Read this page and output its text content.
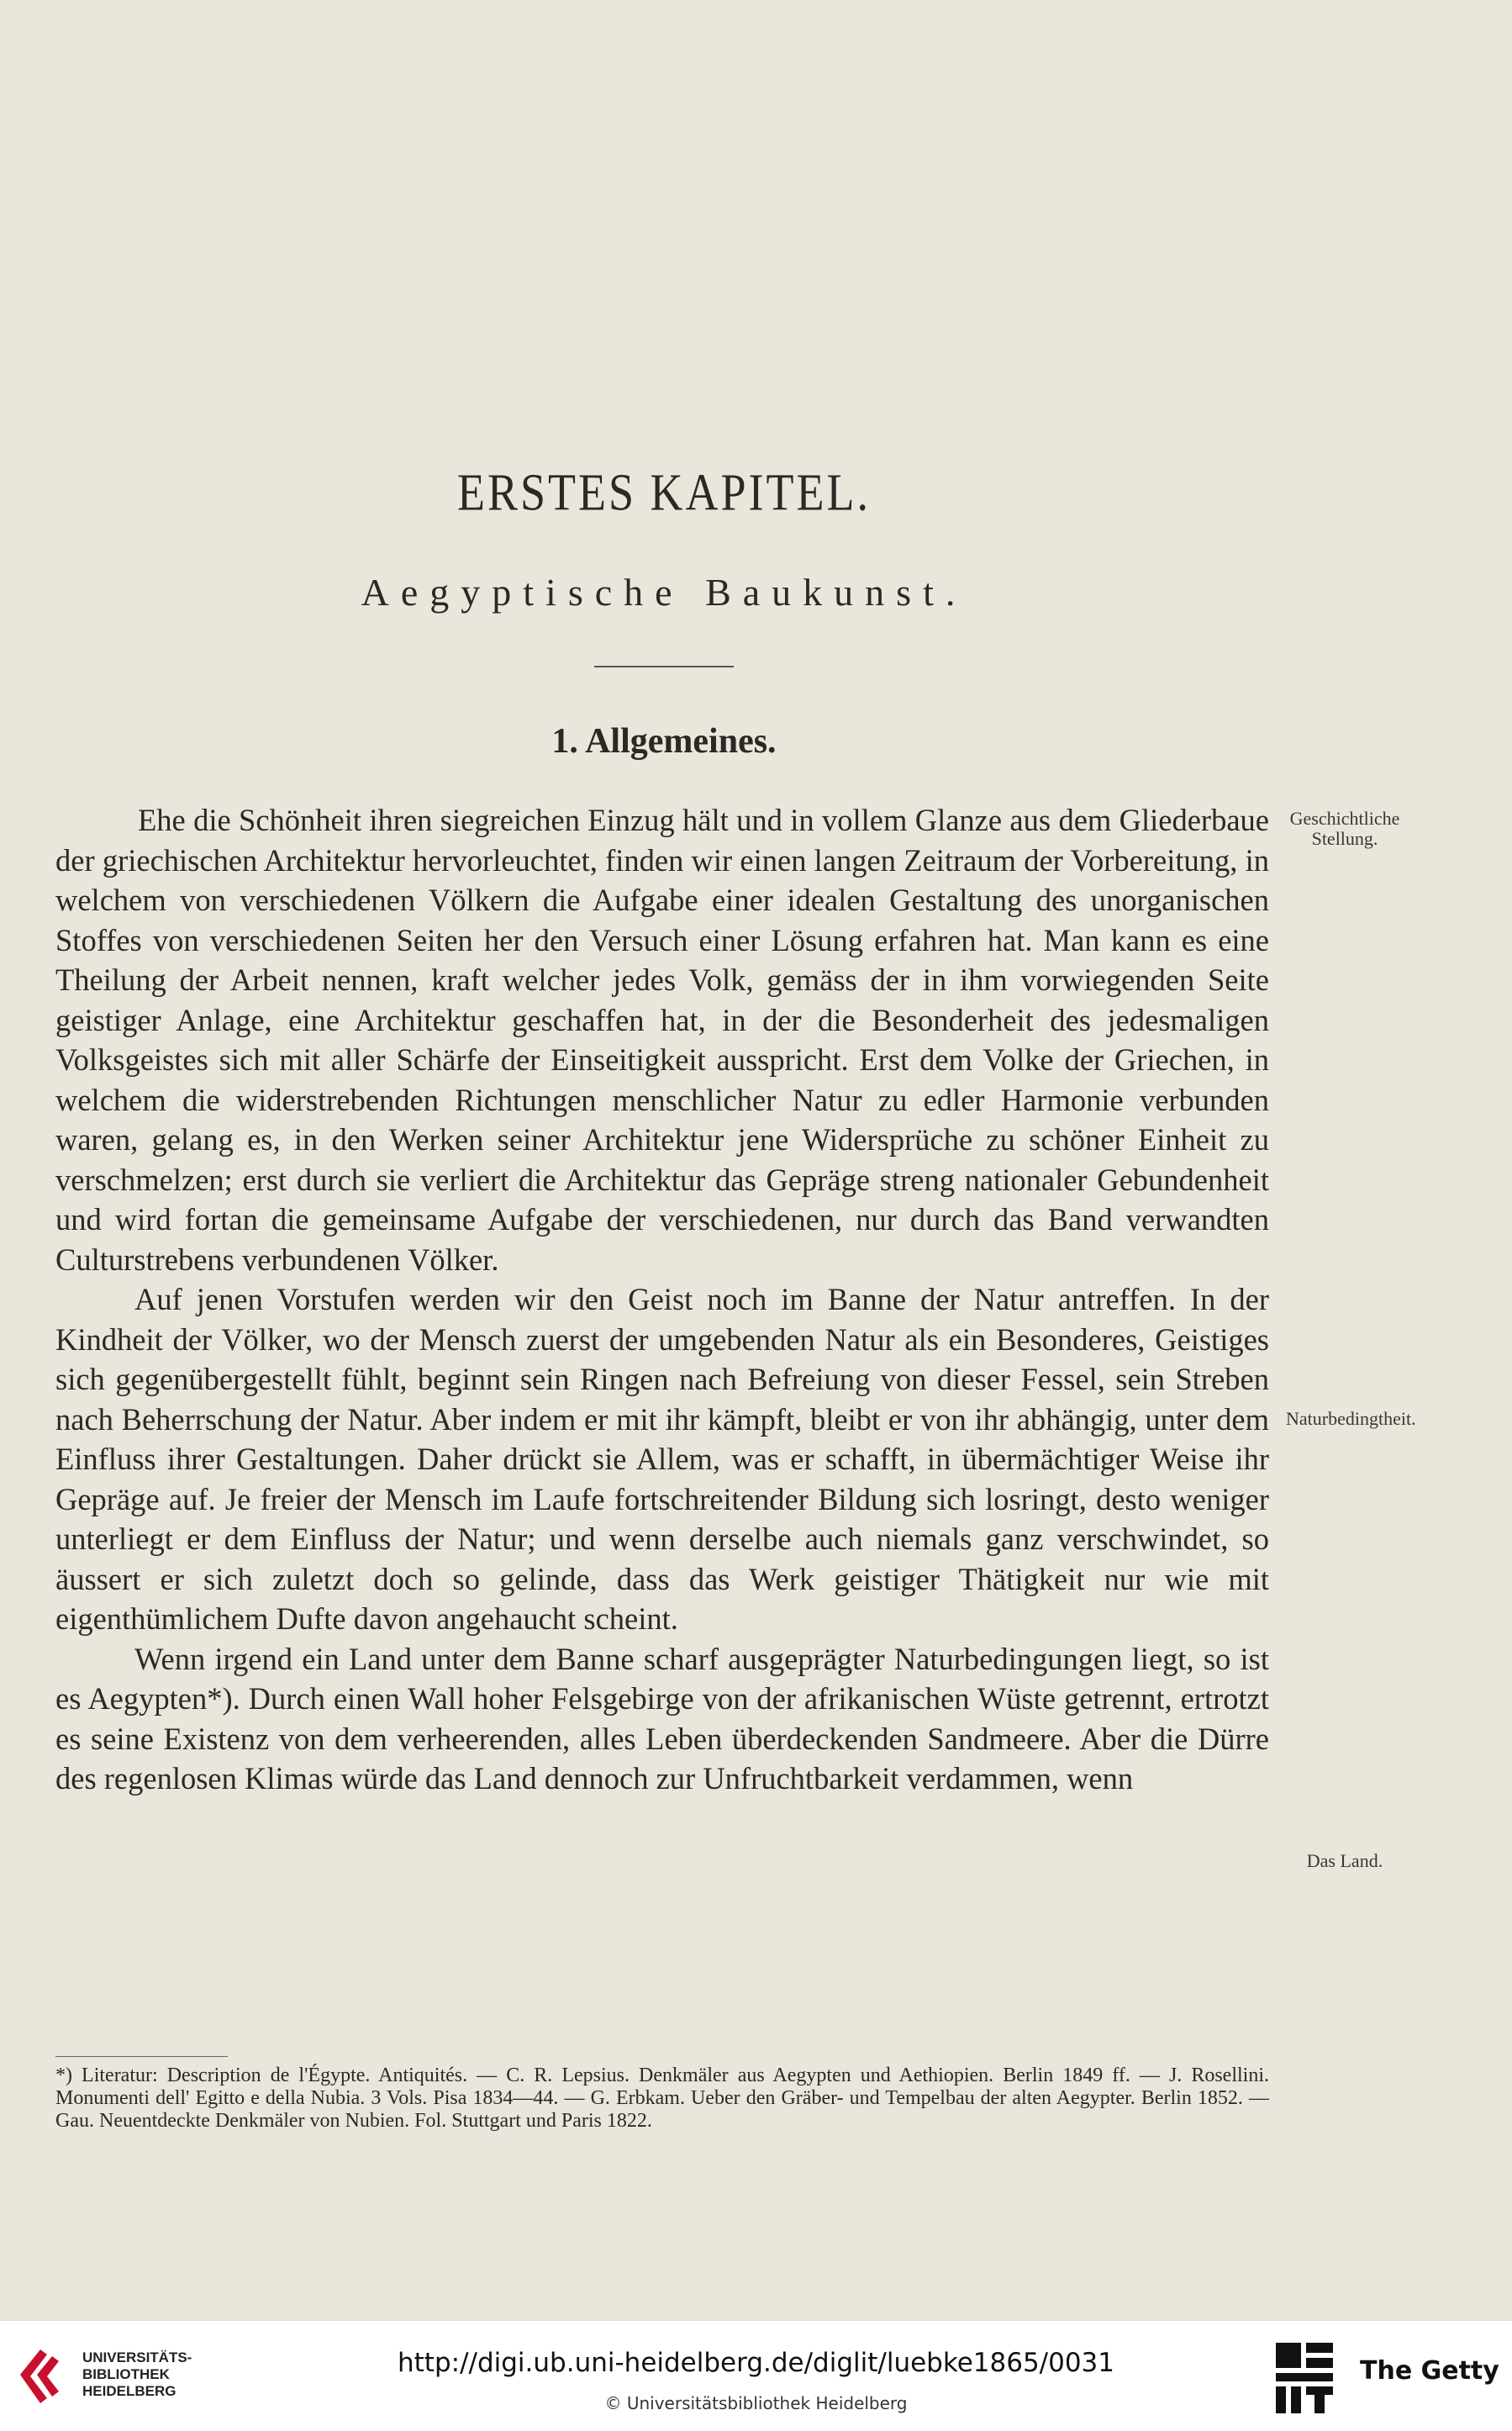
ERSTES KAPITEL.
Aegyptische Baukunst.
1. Allgemeines.

Ehe die Schönheit ihren siegreichen Einzug hält und in vollem Glanze aus dem Gliederbaue der griechischen Architektur hervorleuchtet, finden wir einen langen Zeitraum der Vorbereitung, in welchem von verschiedenen Völkern die Aufgabe einer idealen Gestaltung des unorganischen Stoffes von verschiedenen Seiten her den Versuch einer Lösung erfahren hat. Man kann es eine Theilung der Arbeit nennen, kraft welcher jedes Volk, gemäss der in ihm vorwiegenden Seite geistiger Anlage, eine Architektur geschaffen hat, in der die Besonderheit des jedesmaligen Volksgeistes sich mit aller Schärfe der Einseitigkeit ausspricht. Erst dem Volke der Griechen, in welchem die widerstrebenden Richtungen menschlicher Natur zu edler Harmonie verbunden waren, gelang es, in den Werken seiner Architektur jene Widersprüche zu schöner Einheit zu verschmelzen; erst durch sie verliert die Architektur das Gepräge streng nationaler Gebundenheit und wird fortan die gemeinsame Aufgabe der verschiedenen, nur durch das Band verwandten Culturstrebens verbundenen Völker.

Auf jenen Vorstufen werden wir den Geist noch im Banne der Natur antreffen. In der Kindheit der Völker, wo der Mensch zuerst der umgebenden Natur als ein Besonderes, Geistiges sich gegenübergestellt fühlt, beginnt sein Ringen nach Befreiung von dieser Fessel, sein Streben nach Beherrschung der Natur. Aber indem er mit ihr kämpft, bleibt er von ihr abhängig, unter dem Einfluss ihrer Gestaltungen. Daher drückt sie Allem, was er schafft, in übermächtiger Weise ihr Gepräge auf. Je freier der Mensch im Laufe fortschreitender Bildung sich losringt, desto weniger unterliegt er dem Einfluss der Natur; und wenn derselbe auch niemals ganz verschwindet, so äussert er sich zuletzt doch so gelinde, dass das Werk geistiger Thätigkeit nur wie mit eigenthümlichem Dufte davon angehaucht scheint.

Wenn irgend ein Land unter dem Banne scharf ausgeprägter Naturbedingungen liegt, so ist es Aegypten*). Durch einen Wall hoher Felsgebirge von der afrikanischen Wüste getrennt, ertrotzt es seine Existenz von dem verheerenden, alles Leben überdeckenden Sandmeere. Aber die Dürre des regenlosen Klimas würde das Land dennoch zur Unfruchtbarkeit verdammen, wenn

Geschichtliche Stellung.
Naturbedingtheit.
Das Land.
*) Literatur: Description de l'Égypte. Antiquités. — C. R. Lepsius. Denkmäler aus Aegypten und Aethiopien. Berlin 1849 ff. — J. Rosellini. Monumenti dell' Egitto e della Nubia. 3 Vols. Pisa 1834—44. — G. Erbkam. Ueber den Gräber- und Tempelbau der alten Aegypter. Berlin 1852. — Gau. Neuentdeckte Denkmäler von Nubien. Fol. Stuttgart und Paris 1822.
UNIVERSITÄTS-
BIBLIOTHEK
HEIDELBERG
http://digi.ub.uni-heidelberg.de/diglit/luebke1865/0031
© Universitätsbibliothek Heidelberg
The Getty
